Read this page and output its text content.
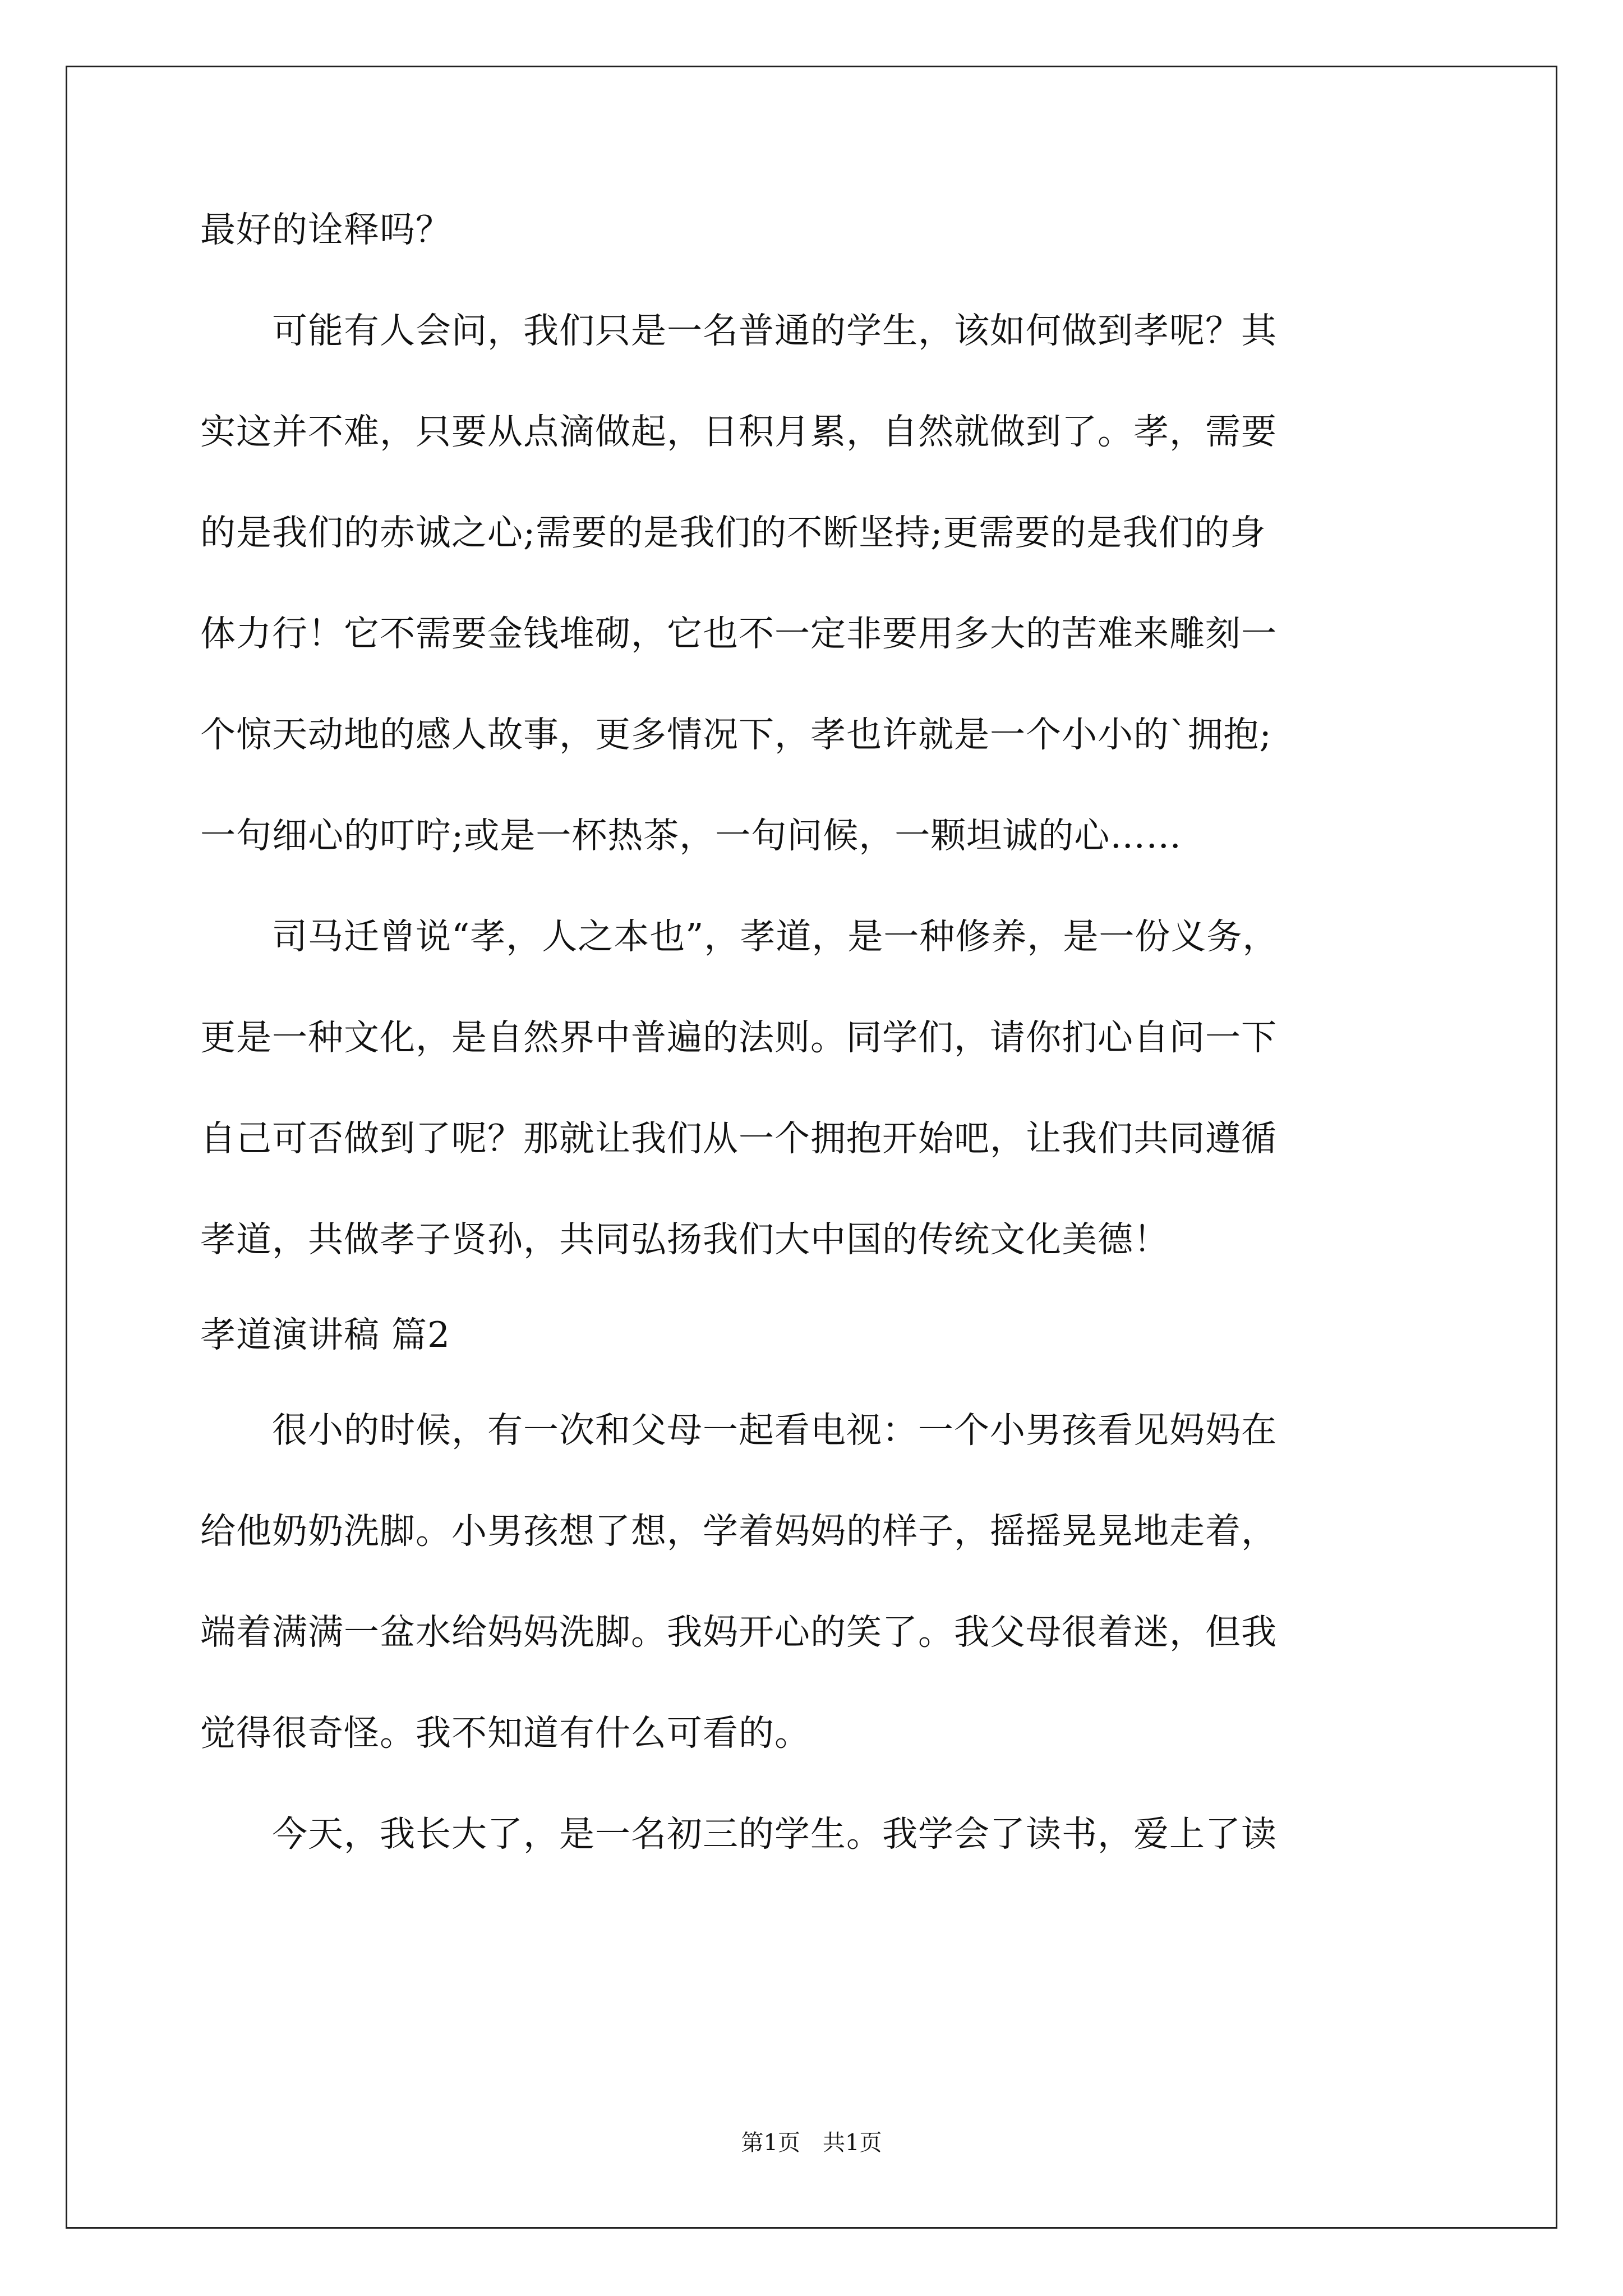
最好的诠释吗？
　　可能有人会问，我们只是一名普通的学生，该如何做到孝呢？其
实这并不难，只要从点滴做起，日积月累，自然就做到了。孝，需要
的是我们的赤诚之心;需要的是我们的不断坚持;更需要的是我们的身
体力行！它不需要金钱堆砌，它也不一定非要用多大的苦难来雕刻一
个惊天动地的感人故事，更多情况下，孝也许就是一个小小的`拥抱;
一句细心的叮咛;或是一杯热茶，一句问候，一颗坦诚的心……
　　司马迁曾说“孝，人之本也”，孝道，是一种修养，是一份义务，
更是一种文化，是自然界中普遍的法则。同学们，请你扪心自问一下
自己可否做到了呢？那就让我们从一个拥抱开始吧，让我们共同遵循
孝道，共做孝子贤孙，共同弘扬我们大中国的传统文化美德！
孝道演讲稿 篇2
　　很小的时候，有一次和父母一起看电视：一个小男孩看见妈妈在
给他奶奶洗脚。小男孩想了想，学着妈妈的样子，摇摇晃晃地走着，
端着满满一盆水给妈妈洗脚。我妈开心的笑了。我父母很着迷，但我
觉得很奇怪。我不知道有什么可看的。
　　今天，我长大了，是一名初三的学生。我学会了读书，爱上了读
第1页　共1页
